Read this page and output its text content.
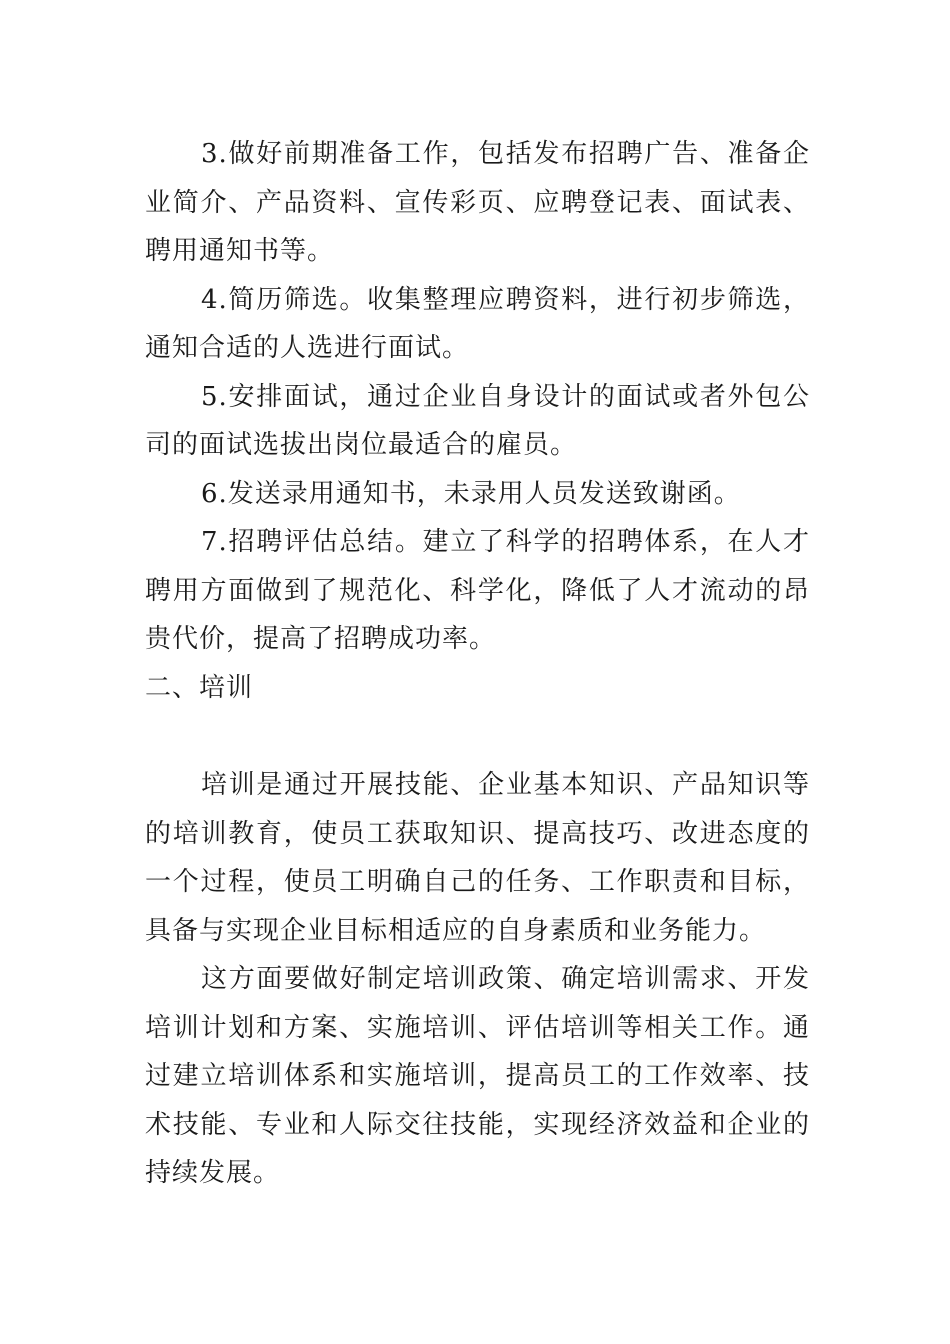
3.做好前期准备工作，包括发布招聘广告、准备企业简介、产品资料、宣传彩页、应聘登记表、面试表、聘用通知书等。

4.简历筛选。收集整理应聘资料，进行初步筛选，通知合适的人选进行面试。

5.安排面试，通过企业自身设计的面试或者外包公司的面试选拔出岗位最适合的雇员。

6.发送录用通知书，未录用人员发送致谢函。

7.招聘评估总结。建立了科学的招聘体系，在人才聘用方面做到了规范化、科学化，降低了人才流动的昂贵代价，提高了招聘成功率。

二、培训

培训是通过开展技能、企业基本知识、产品知识等的培训教育，使员工获取知识、提高技巧、改进态度的一个过程，使员工明确自己的任务、工作职责和目标，具备与实现企业目标相适应的自身素质和业务能力。

这方面要做好制定培训政策、确定培训需求、开发培训计划和方案、实施培训、评估培训等相关工作。通过建立培训体系和实施培训，提高员工的工作效率、技术技能、专业和人际交往技能，实现经济效益和企业的持续发展。
